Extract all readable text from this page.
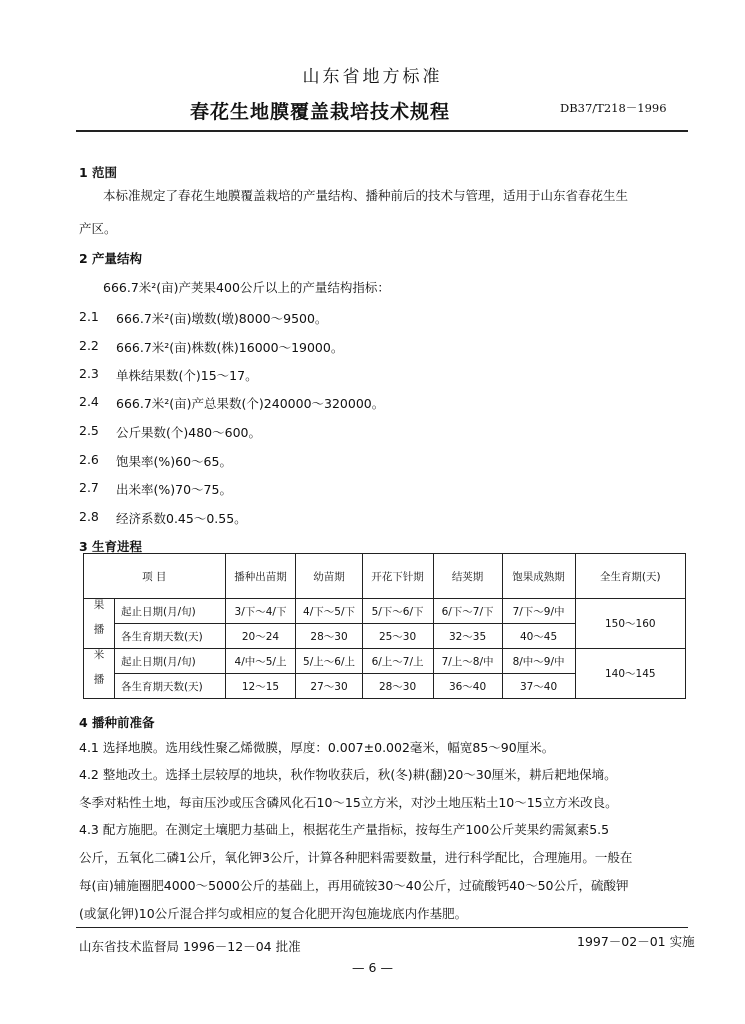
山东省地方标准
春花生地膜覆盖栽培技术规程	DB37/T218－1996
1 范围
本标准规定了春花生地膜覆盖栽培的产量结构、播种前后的技术与管理，适用于山东省春花生生
产区。
2 产量结构
666.7米²(亩)产荚果400公斤以上的产量结构指标：
2.1 666.7米²(亩)墩数(墩)8000～9500。
2.2 666.7米²(亩)株数(株)16000～19000。
2.3 单株结果数(个)15～17。
2.4 666.7米²(亩)产总果数(个)240000～320000。
2.5 公斤果数(个)480～600。
2.6 饱果率(%)60～65。
2.7 出米率(%)70～75。
2.8 经济系数0.45～0.55。
3 生育进程
项 目		播种出苗期	幼苗期	开花下针期	结荚期	饱果成熟期	全生育期(天)
果播	起止日期(月/旬)	3/下～4/下	4/下～5/下	5/下～6/下	6/下～7/下	7/下～9/中	150～160
	各生育期天数(天)	20～24	28～30	25～30	32～35	40～45	
米播	起止日期(月/旬)	4/中～5/上	5/上～6/上	6/上～7/上	7/上～8/中	8/中～9/中	140～145
	各生育期天数(天)	12～15	27～30	28～30	36～40	37～40	
4 播种前准备
4.1 选择地膜。选用线性聚乙烯微膜，厚度：0.007±0.002毫米，幅宽85～90厘米。
4.2 整地改土。选择土层较厚的地块，秋作物收获后，秋(冬)耕(翻)20～30厘米，耕后耙地保墒。
冬季对粘性土地，每亩压沙或压含磷风化石10～15立方米，对沙土地压粘土10～15立方米改良。
4.3 配方施肥。在测定土壤肥力基础上，根据花生产量指标，按每生产100公斤荚果约需氮素5.5
公斤，五氧化二磷1公斤，氧化钾3公斤，计算各种肥料需要数量，进行科学配比，合理施用。一般在
每(亩)辅施圈肥4000～5000公斤的基础上，再用硫铵30～40公斤，过硫酸钙40～50公斤，硫酸钾
(或氯化钾)10公斤混合拌匀或相应的复合化肥开沟包施垅底内作基肥。
山东省技术监督局 1996－12－04 批准	1997－02－01 实施
— 6 —
